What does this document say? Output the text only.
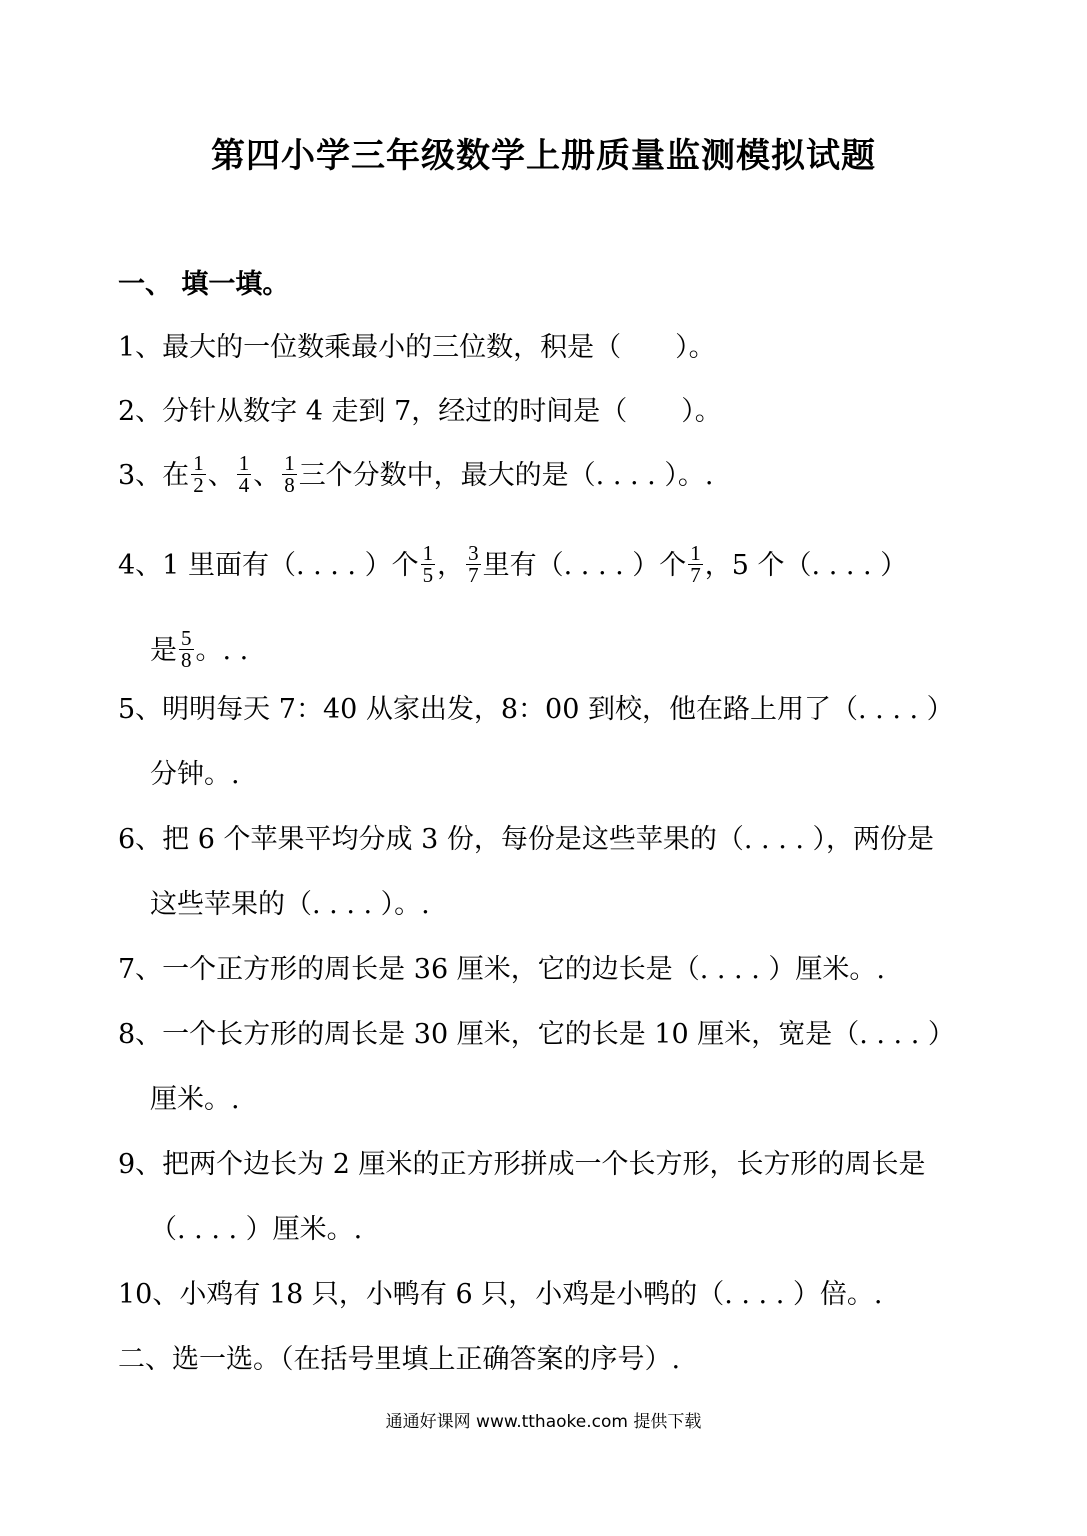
第四小学三年级数学上册质量监测模拟试题
一、 填一填。
1、最大的一位数乘最小的三位数，积是（　　）。
2、分针从数字 4 走到 7，经过的时间是（　　）。
3、在 $\frac{1}{2}$ 、 $\frac{1}{4}$ 、 $\frac{1}{8}$ 三个分数中，最大的是（. . . . ）。.
4、1 里面有（. . . . ）个 $\frac{1}{5}$ ， $\frac{3}{7}$ 里有（. . . . ）个 $\frac{1}{7}$ ，5 个（. . . . ）
是 $\frac{5}{8}$ 。. .
5、明明每天 7：40 从家出发，8：00 到校，他在路上用了（. . . . ）
分钟。.
6、把 6 个苹果平均分成 3 份，每份是这些苹果的（. . . . ），两份是
这些苹果的（. . . . ）。.
7、一个正方形的周长是 36 厘米，它的边长是（. . . . ）厘米。.
8、一个长方形的周长是 30 厘米，它的长是 10 厘米，宽是（. . . . ）
厘米。.
9、把两个边长为 2 厘米的正方形拼成一个长方形，长方形的周长是
（. . . . ）厘米。.
10、小鸡有 18 只，小鸭有 6 只，小鸡是小鸭的（. . . . ）倍。.
二、选一选。（在括号里填上正确答案的序号）.
通通好课网 www.tthaoke.com 提供下载
